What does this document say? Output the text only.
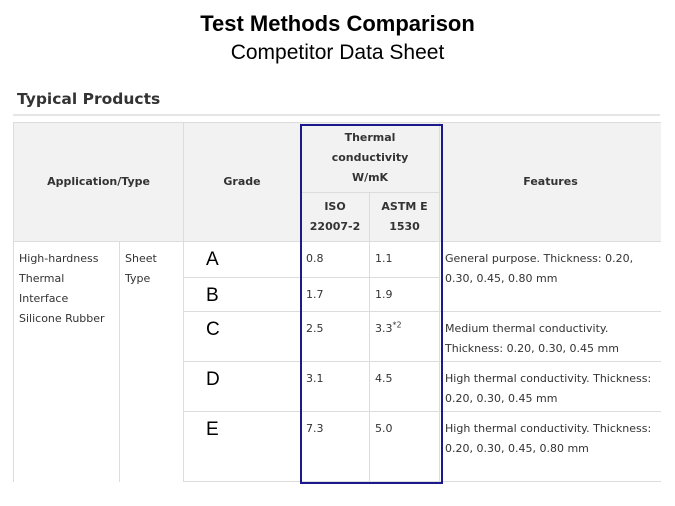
Test Methods Comparison
Competitor Data Sheet
Typical Products
Application/Type		Grade	Thermal conductivity W/mK		Features
			ISO 22007-2	ASTM E 1530	
High-hardness Thermal Interface Silicone Rubber	Sheet Type	A	0.8	1.1	General purpose. Thickness: 0.20, 0.30, 0.45, 0.80 mm
		B	1.7	1.9	
		C	2.5	3.3$^{*2}$	Medium thermal conductivity. Thickness: 0.20, 0.30, 0.45 mm
		D	3.1	4.5	High thermal conductivity. Thickness: 0.20, 0.30, 0.45 mm
		E	7.3	5.0	High thermal conductivity. Thickness: 0.20, 0.30, 0.45, 0.80 mm
